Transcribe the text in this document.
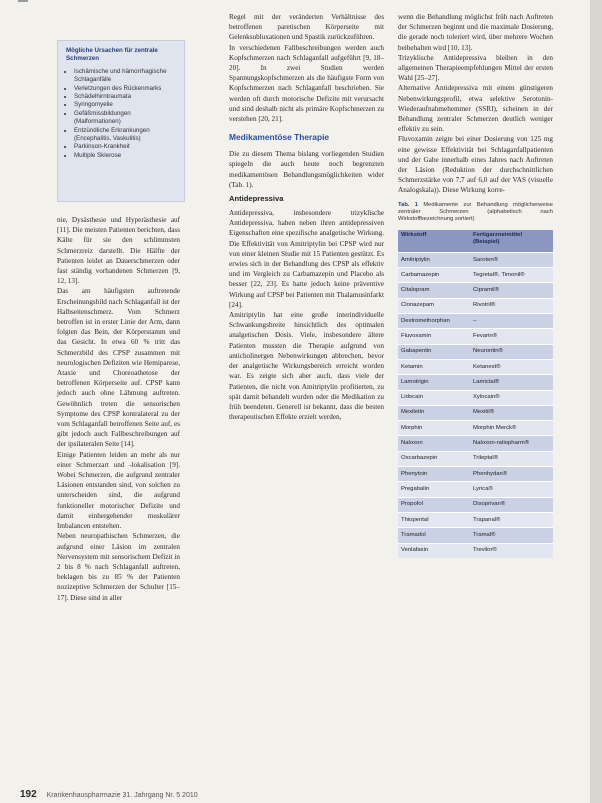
Mögliche Ursachen für zentrale Schmerzen
• Ischämische und hämorrhagische Schlaganfälle
• Verletzungen des Rückenmarks
• Schädelhirntraumata
• Syringomyelie
• Gefäßmissbildungen (Malformationen)
• Entzündliche Erkrankungen (Encephalitis, Vaskulitis)
• Parkinson-Krankheit
• Multiple Sklerose

nie, Dysästhesie und Hyperästhesie auf [11]. Die meisten Patienten berichten, dass Kälte für sie den schlimmsten Schmerzreiz darstellt. Die Hälfte der Patienten leidet an Dauerschmerzen oder fast ständig vorhandenen Schmerzen [9, 12, 13].

Das am häufigsten auftretende Erscheinungsbild nach Schlaganfall ist der Halbseitenschmerz. Vom Schmerz betroffen ist in erster Linie der Arm, dann folgten das Bein, der Körperstamm und das Gesicht. In etwa 60 % tritt das Schmerzbild des CPSP zusammen mit neurologischen Defiziten wie Hemiparese, Ataxie und Choreoathetose der betroffenen Körperseite auf. CPSP kann jedoch auch ohne Lähmung auftreten. Gewöhnlich treten die sensorischen Symptome des CPSP kontralateral zu der vom Schlaganfall betroffenen Seite auf, es gibt jedoch auch Fallbeschreibungen auf der ipsilateralen Seite [14].

Einige Patienten leiden an mehr als nur einer Schmerzart und -lokalisation [9]. Wobei Schmerzen, die aufgrund zentraler Läsionen entstanden sind, von solchen zu unterscheiden sind, die aufgrund funktioneller motorischer Defizite und damit einhergehender muskulärer Imbalancen entstehen.

Neben neuropathischen Schmerzen, die aufgrund einer Läsion im zentralen Nervensystem mit sensorischem Defizit in 2 bis 8 % nach Schlaganfall auftreten, beklagen bis zu 85 % der Patienten nozizeptive Schmerzen der Schulter [15–17]. Diese sind in aller

Regel mit der veränderten Verhältnisse des betroffenen paretischen Körperseite mit Gelenksubluxationen und Spastik zurückzuführen.

In verschiedenen Fallbeschreibungen werden auch Kopfschmerzen nach Schlaganfall aufgeführt [9, 18–20]. In zwei Studien werden Spannungskopfschmerzen als die häufigste Form von Kopfschmerzen nach Schlaganfall beschrieben. Sie werden oft durch motorische Defizite mit verursacht und sind deshalb nicht als primäre Kopfschmerzen zu verstehen [20, 21].

Medikamentöse Therapie

Die zu diesem Thema bislang vorliegenden Studien spiegeln die auch heute noch begrenzten medikamentösen Behandlungsmöglichkeiten wider (Tab. 1).

Antidepressiva

Antidepressiva, insbesondere trizyklische Antidepressiva, haben neben ihren antidepressiven Eigenschaften eine spezifische analgetische Wirkung. Die Effektivität von Amitriptylin bei CPSP wird nur von einer kleinen Studie mit 15 Patienten gestützt. Es erwies sich in der Behandlung des CPSP als effektiv und im Vergleich zu Carbamazepin und Placebo als besser [22, 23]. Es hatte jedoch keine präventive Wirkung auf CPSP bei Patienten mit Thalamusinfarkt [24].

Amitriptylin hat eine große interindividuelle Schwankungsbreite hinsichtlich des optimalen analgetischen Dosis. Viele, insbesondere ältere Patienten mussten die Therapie aufgrund von anticholinergen Nebenwirkungen abbrechen, bevor der analgetische Wirkungsbereich erreicht worden war. Es zeigte sich aber auch, dass viele der Patienten, die nicht von Amitriptylin profitierten, zu spät damit behandelt wurden oder die Medikation zu früh beendeten. Generell ist bekannt, dass die besten therapeutischen Effekte erzielt werden,

wenn die Behandlung möglichst früh nach Auftreten der Schmerzen beginnt und die maximale Dosierung, die gerade noch toleriert wird, über mehrere Wochen beibehalten wird [10, 13].

Trizyklische Antidepressiva bleiben in den allgemeinen Therapieempfehlungen Mittel der ersten Wahl [25–27].

Alternative Antidepressiva mit einem günstigeren Nebenwirkungsprofil, etwa selektive Serotonin-Wiederaufnahmehemmer (SSRI), scheinen in der Behandlung zentraler Schmerzen deutlich weniger effektiv zu sein.

Fluvoxamin zeigte bei einer Dosierung von 125 mg eine gewisse Effektivität bei Schlaganfallpatienten und der Gabe innerhalb eines Jahres nach Auftreten der Läsion (Reduktion der durchschnittlichen Schmerzstärke von 7,7 auf 6,0 auf der VAS (visuelle Analogskala)). Diese Wirkung korre-

Tab. 1 Medikamente zur Behandlung möglicherweise zentraler Schmerzen (alphabetisch nach Wirkstoffbezeichnung sortiert)
Wirkstoff	Fertigarzneimittel (Beispiel)
Amitriptylin	Saroten®
Carbamazepin	Tegretal®, Timonil®
Citalopram	Cipramil®
Clonazepam	Rivotril®
Dextromethorphan	–
Fluvoxamin	Fevarin®
Gabapentin	Neurontin®
Ketamin	Ketanest®
Lamotrigin	Lamictal®
Lidocain	Xylocain®
Mexiletin	Mexitil®
Morphin	Morphin Merck®
Naloxon	Naloxon-ratiopharm®
Oxcarbazepin	Trileptal®
Phenytoin	Phenhydan®
Pregabalin	Lyrica®
Propofol	Disoprivan®
Thiopental	Trapanal®
Tramadol	Tramal®
Venlafaxin	Trevilor®
192 Krankenhauspharmazie 31. Jahrgang Nr. 5 2010
